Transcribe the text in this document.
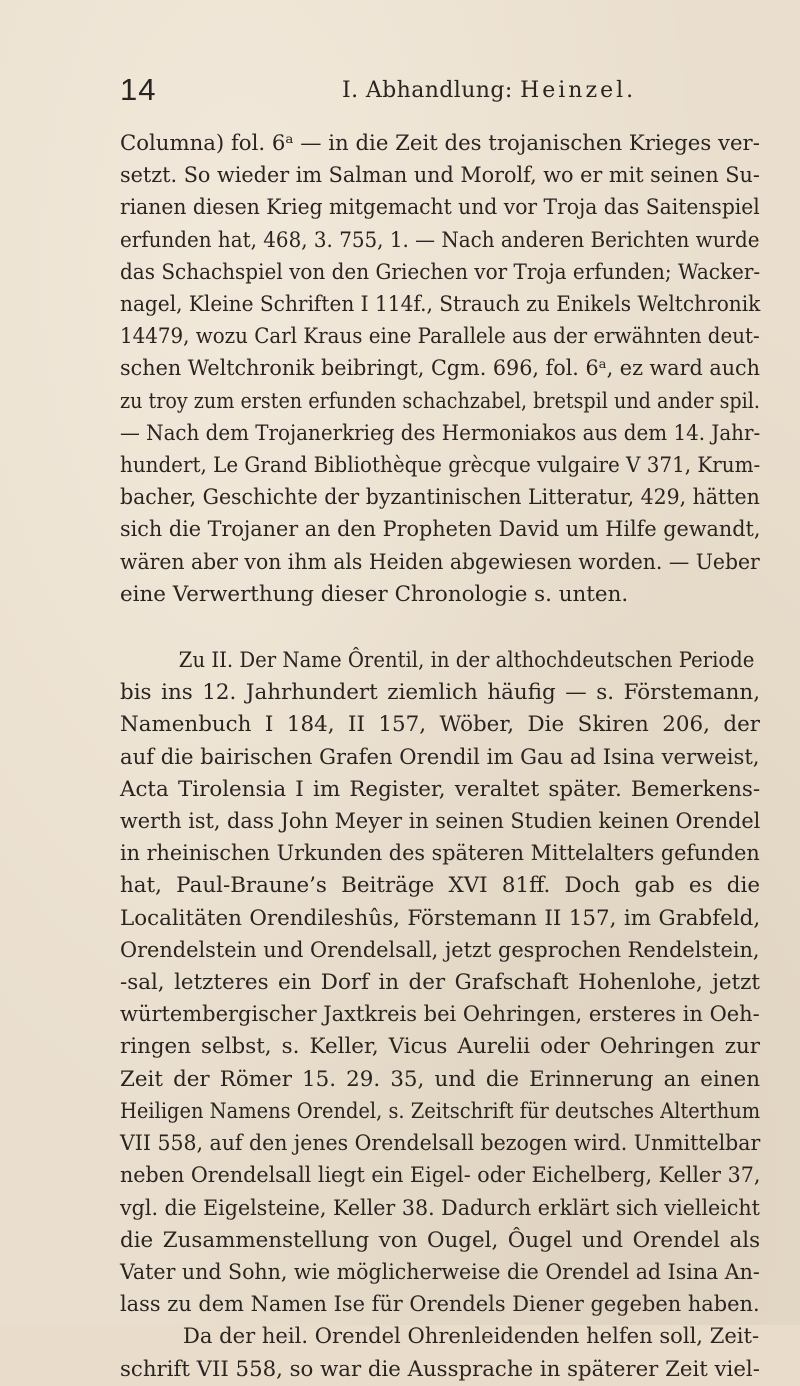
14	I. Abhandlung: Heinzel.

Columna) fol. 6ᵃ — in die Zeit des trojanischen Krieges ver-
setzt. So wieder im Salman und Morolf, wo er mit seinen Su-
rianen diesen Krieg mitgemacht und vor Troja das Saitenspiel
erfunden hat, 468, 3. 755, 1. — Nach anderen Berichten wurde
das Schachspiel von den Griechen vor Troja erfunden; Wacker-
nagel, Kleine Schriften I 114f., Strauch zu Enikels Weltchronik
14479, wozu Carl Kraus eine Parallele aus der erwähnten deut-
schen Weltchronik beibringt, Cgm. 696, fol. 6ᵃ, ez ward auch
zu troy zum ersten erfunden schachzabel, bretspil und ander spil.
— Nach dem Trojanerkrieg des Hermoniakos aus dem 14. Jahr-
hundert, Le Grand Bibliothèque grècque vulgaire V 371, Krum-
bacher, Geschichte der byzantinischen Litteratur, 429, hätten
sich die Trojaner an den Propheten David um Hilfe gewandt,
wären aber von ihm als Heiden abgewiesen worden. — Ueber
eine Verwerthung dieser Chronologie s. unten.

Zu II. Der Name Ôrentil, in der althochdeutschen Periode
bis ins 12. Jahrhundert ziemlich häufig — s. Förstemann,
Namenbuch I 184, II 157, Wöber, Die Skiren 206, der
auf die bairischen Grafen Orendil im Gau ad Isina verweist,
Acta Tirolensia I im Register, veraltet später. Bemerkens-
werth ist, dass John Meyer in seinen Studien keinen Orendel
in rheinischen Urkunden des späteren Mittelalters gefunden
hat, Paul-Braune’s Beiträge XVI 81ff. Doch gab es die
Localitäten Orendileshûs, Förstemann II 157, im Grabfeld,
Orendelstein und Orendelsall, jetzt gesprochen Rendelstein,
-sal, letzteres ein Dorf in der Grafschaft Hohenlohe, jetzt
würtembergischer Jaxtkreis bei Oehringen, ersteres in Oeh-
ringen selbst, s. Keller, Vicus Aurelii oder Oehringen zur
Zeit der Römer 15. 29. 35, und die Erinnerung an einen
Heiligen Namens Orendel, s. Zeitschrift für deutsches Alterthum
VII 558, auf den jenes Orendelsall bezogen wird. Unmittelbar
neben Orendelsall liegt ein Eigel- oder Eichelberg, Keller 37,
vgl. die Eigelsteine, Keller 38. Dadurch erklärt sich vielleicht
die Zusammenstellung von Ougel, Ôugel und Orendel als
Vater und Sohn, wie möglicherweise die Orendel ad Isina An-
lass zu dem Namen Ise für Orendels Diener gegeben haben.
Da der heil. Orendel Ohrenleidenden helfen soll, Zeit-
schrift VII 558, so war die Aussprache in späterer Zeit viel-
